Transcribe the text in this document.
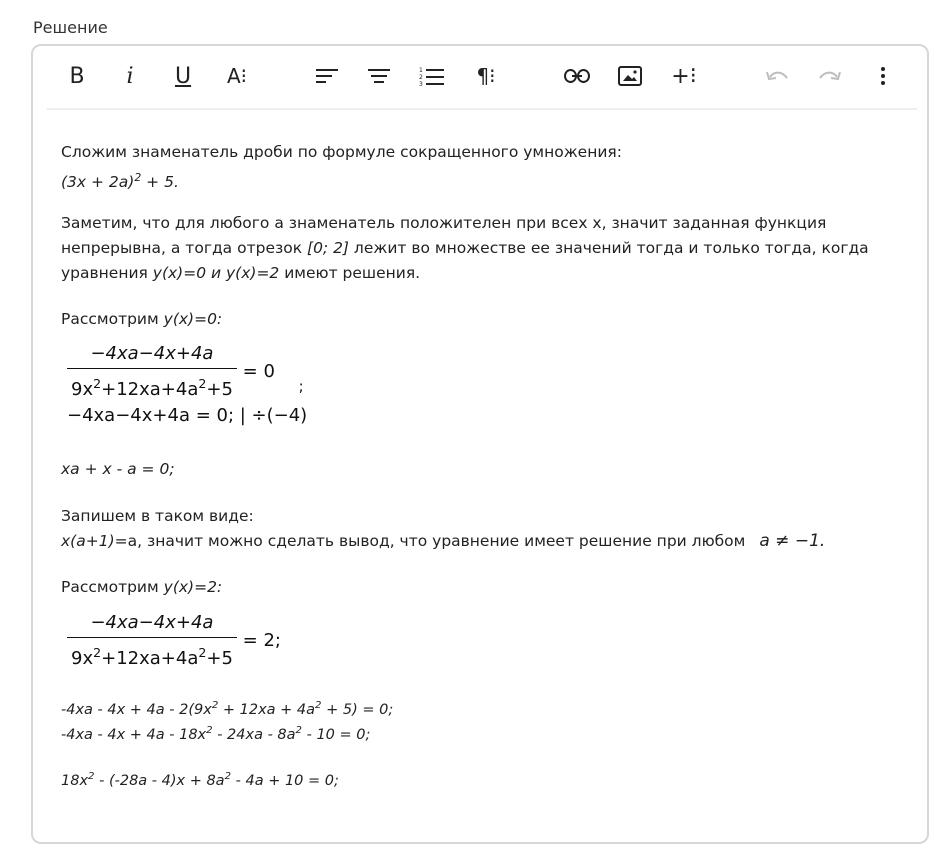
Решение
B	i	U	A⁝	1
2
3	¶⁝	+⁝
Сложим знаменатель дроби по формуле сокращенного умножения:
$(3x + 2a)^2 + 5$.
Заметим, что для любого a знаменатель положителен при всех x, значит заданная функция
непрерывна, а тогда отрезок [0; 2] лежит во множестве ее значений тогда и только тогда, когда
уравнения y(x)=0 и y(x)=2 имеют решения.
Рассмотрим y(x)=0:
$\frac{-4xa-4x+4a}{9x^2+12xa+4a^2+5} = 0$ $_;$
−4xa−4x+4a = 0; | ÷(−4)
xa + x - a = 0;
Запишем в таком виде:
x(a+1)=а, значит можно сделать вывод, что уравнение имеет решение при любом a ≠ −1.
Рассмотрим y(x)=2:
$\frac{-4xa-4x+4a}{9x^2+12xa+4a^2+5} = 2$;
$-4xa - 4x + 4a - 2(9x^2 + 12xa + 4a^2 + 5) = 0$;
$-4xa - 4x + 4a - 18x^2 - 24xa - 8a^2 - 10 = 0$;
$18x^2 - (-28a - 4)x + 8a^2 - 4a + 10 = 0$;
